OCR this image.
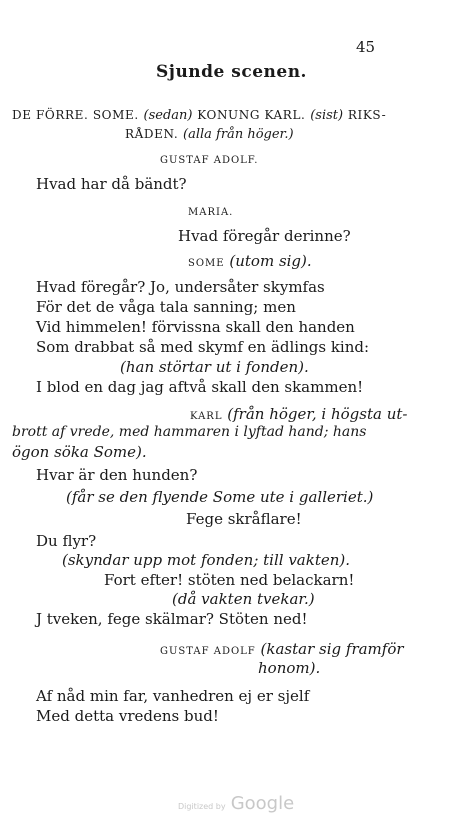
45
Sjunde scenen.
DE FÖRRE. SOME. (sedan) KONUNG KARL. (sist) RIKS-
RÅDEN. (alla från höger.)
GUSTAF ADOLF.
Hvad har då bändt?
MARIA.
Hvad föregår derinne?
SOME (utom sig).
Hvad föregår? Jo, undersåter skymfas
För det de våga tala sanning; men
Vid himmelen! förvissna skall den handen
Som drabbat så med skymf en ädlings kind:
(han störtar ut i fonden).
I blod en dag jag aftvå skall den skammen!
KARL (från höger, i högsta ut-
brott af vrede, med hammaren i lyftad hand; hans
ögon söka Some).
Hvar är den hunden?
(får se den flyende Some ute i galleriet.)
Fege skråflare!
Du flyr?
(skyndar upp mot fonden; till vakten).
Fort efter! stöten ned belackarn!
(då vakten tvekar.)
J tveken, fege skälmar? Stöten ned!
GUSTAF ADOLF (kastar sig framför
honom).
Af nåd min far, vanhedren ej er sjelf
Med detta vredens bud!
Digitized by Google
